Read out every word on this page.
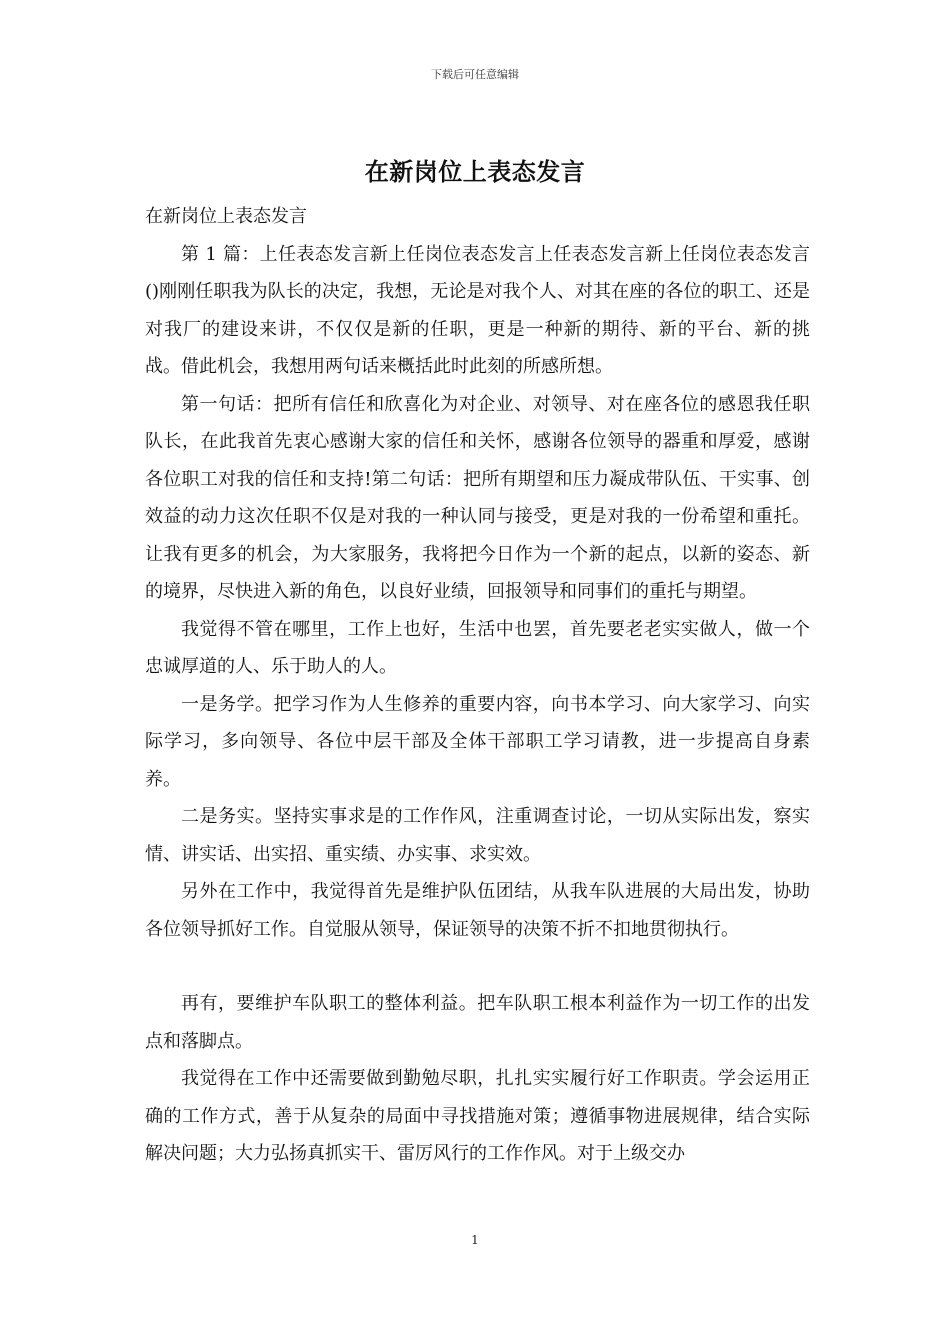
下载后可任意编辑
在新岗位上表态发言

在新岗位上表态发言

第 1 篇：上任表态发言新上任岗位表态发言上任表态发言新上任岗位表态发言()刚刚任职我为队长的决定，我想，无论是对我个人、对其在座的各位的职工、还是对我厂的建设来讲，不仅仅是新的任职，更是一种新的期待、新的平台、新的挑战。借此机会，我想用两句话来概括此时此刻的所感所想。

第一句话：把所有信任和欣喜化为对企业、对领导、对在座各位的感恩我任职队长，在此我首先衷心感谢大家的信任和关怀，感谢各位领导的器重和厚爱，感谢各位职工对我的信任和支持!第二句话：把所有期望和压力凝成带队伍、干实事、创效益的动力这次任职不仅是对我的一种认同与接受，更是对我的一份希望和重托。让我有更多的机会，为大家服务，我将把今日作为一个新的起点，以新的姿态、新的境界，尽快进入新的角色，以良好业绩，回报领导和同事们的重托与期望。

我觉得不管在哪里，工作上也好，生活中也罢，首先要老老实实做人，做一个忠诚厚道的人、乐于助人的人。

一是务学。把学习作为人生修养的重要内容，向书本学习、向大家学习、向实际学习，多向领导、各位中层干部及全体干部职工学习请教，进一步提高自身素养。

二是务实。坚持实事求是的工作作风，注重调查讨论，一切从实际出发，察实情、讲实话、出实招、重实绩、办实事、求实效。

另外在工作中，我觉得首先是维护队伍团结，从我车队进展的大局出发，协助各位领导抓好工作。自觉服从领导，保证领导的决策不折不扣地贯彻执行。

再有，要维护车队职工的整体利益。把车队职工根本利益作为一切工作的出发点和落脚点。

我觉得在工作中还需要做到勤勉尽职，扎扎实实履行好工作职责。学会运用正确的工作方式，善于从复杂的局面中寻找措施对策；遵循事物进展规律，结合实际解决问题；大力弘扬真抓实干、雷厉风行的工作作风。对于上级交办

1
